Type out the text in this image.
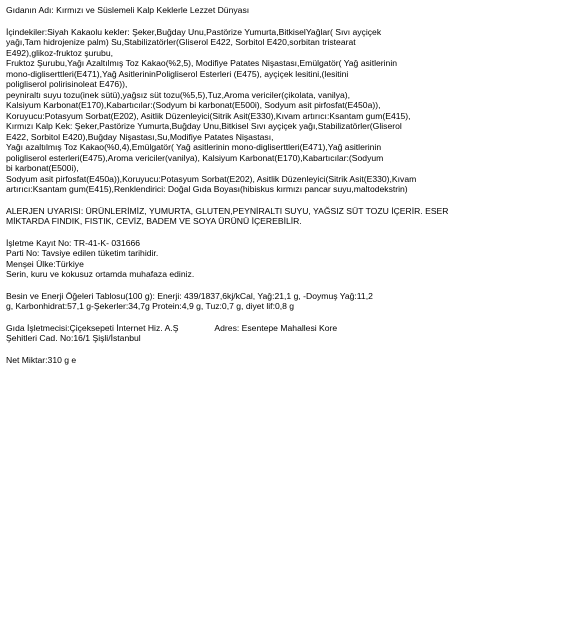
Gıdanın Adı: Kırmızı ve Süslemeli Kalp Keklerle Lezzet Dünyası
İçindekiler:Siyah Kakaolu kekler: Şeker,Buğday Unu,Pastörize Yumurta,BitkiselYağlar( Sıvı ayçiçek
yağı,Tam hidrojenize palm) Su,Stabilizatörler(Gliserol E422, Sorbitol E420,sorbitan tristearat
E492),glikoz-fruktoz şurubu,
Fruktoz Şurubu,Yağı Azaltılmış Toz Kakao(%2,5), Modifiye Patates Nişastası,Emülgatör( Yağ asitlerinin
mono-digliserttleri(E471),Yağ AsitlerininPoligliserol Esterleri (E475), ayçiçek lesitini,(lesitini
poligliserol polirisinoleat E476)),
peyniraltı suyu tozu(inek sütü),yağsız süt tozu(%5,5),Tuz,Aroma vericiler(çikolata, vanilya),
Kalsiyum Karbonat(E170),Kabartıcılar:(Sodyum bi karbonat(E500i), Sodyum asit pirfosfat(E450a)),
Koruyucu:Potasyum Sorbat(E202), Asitlik Düzenleyici(Sitrik Asit(E330),Kıvam artırıcı:Ksantam gum(E415),
Kırmızı Kalp Kek: Şeker,Pastörize Yumurta,Buğday Unu,Bitkisel Sıvı ayçiçek yağı,Stabilizatörler(Gliserol
E422, Sorbitol E420),Buğday Nişastası,Su,Modifiye Patates Nişastası,
Yağı azaltılmış Toz Kakao(%0,4),Emülgatör( Yağ asitlerinin mono-digliserttleri(E471),Yağ asitlerinin
poligliserol esterleri(E475),Aroma vericiler(vanilya), Kalsiyum Karbonat(E170),Kabartıcılar:(Sodyum
bi karbonat(E500i),
Sodyum asit pirfosfat(E450a)),Koruyucu:Potasyum Sorbat(E202), Asitlik Düzenleyici(Sitrik Asit(E330),Kıvam
artırıcı:Ksantam gum(E415),Renklendirici: Doğal Gıda Boyası(hibiskus kırmızı pancar suyu,maltodekstrin)
ALERJEN UYARISI: ÜRÜNLERİMİZ, YUMURTA, GLUTEN,PEYNİRALTI SUYU, YAĞSIZ SÜT TOZU İÇERİR. ESER
MİKTARDA FINDIK, FISTIK, CEVİZ, BADEM VE SOYA ÜRÜNÜ İÇEREBİLİR.
İşletme Kayıt No: TR-41-K- 031666
Parti No: Tavsiye edilen tüketim tarihidir.
Menşei Ülke:Türkiye
Serin, kuru ve kokusuz ortamda muhafaza ediniz.
Besin ve Enerji Öğeleri Tablosu(100 g): Enerji: 439/1837,6kj/kCal, Yağ:21,1 g, -Doymuş Yağ:11,2
g, Karbonhidrat:57,1 g-Şekerler:34,7g Protein:4,9 g, Tuz:0,7 g, diyet lif:0,8 g
Gıda İşletmecisi:Çiçeksepeti İnternet Hiz. A.Ş	Adres: Esentepe Mahallesi Kore
Şehitleri Cad. No:16/1 Şişli/İstanbul
Net Miktar:310 g e
